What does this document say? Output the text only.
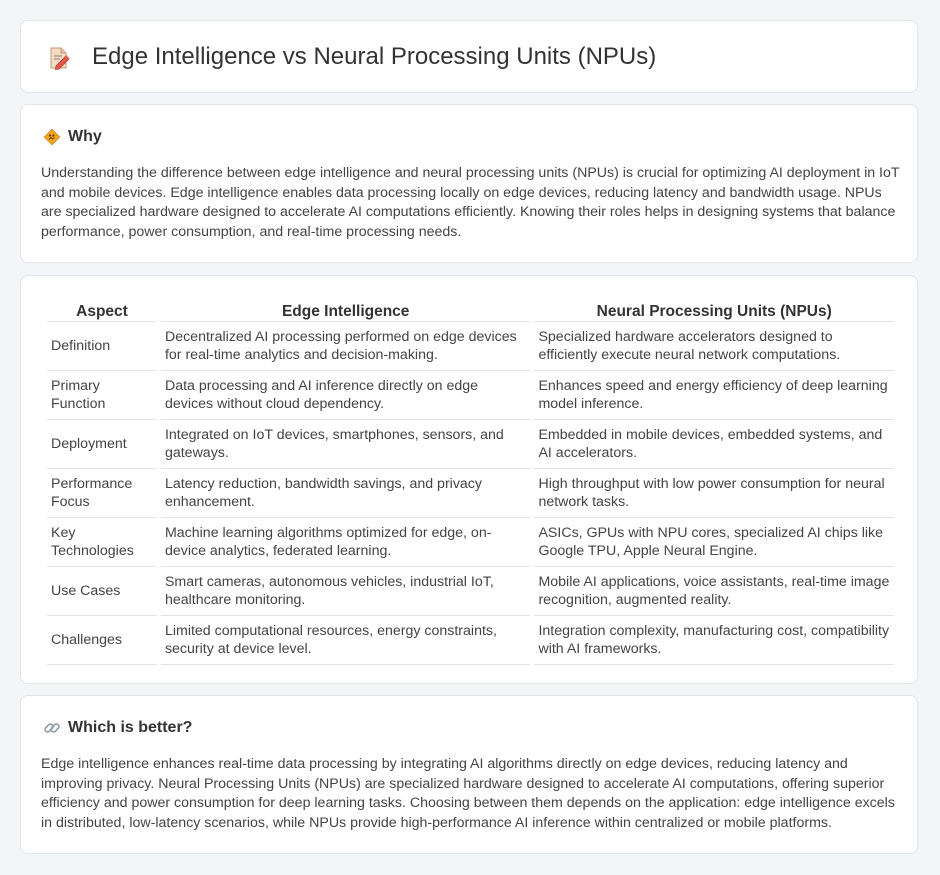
Edge Intelligence vs Neural Processing Units (NPUs)
Why

Understanding the difference between edge intelligence and neural processing units (NPUs) is crucial for optimizing AI deployment in IoT and mobile devices. Edge intelligence enables data processing locally on edge devices, reducing latency and bandwidth usage. NPUs are specialized hardware designed to accelerate AI computations efficiently. Knowing their roles helps in designing systems that balance performance, power consumption, and real-time processing needs.

Aspect	Edge Intelligence	Neural Processing Units (NPUs)
Definition	Decentralized AI processing performed on edge devices for real-time analytics and decision-making.	Specialized hardware accelerators designed to efficiently execute neural network computations.
Primary Function	Data processing and AI inference directly on edge devices without cloud dependency.	Enhances speed and energy efficiency of deep learning model inference.
Deployment	Integrated on IoT devices, smartphones, sensors, and gateways.	Embedded in mobile devices, embedded systems, and AI accelerators.
Performance Focus	Latency reduction, bandwidth savings, and privacy enhancement.	High throughput with low power consumption for neural network tasks.
Key Technologies	Machine learning algorithms optimized for edge, on-device analytics, federated learning.	ASICs, GPUs with NPU cores, specialized AI chips like Google TPU, Apple Neural Engine.
Use Cases	Smart cameras, autonomous vehicles, industrial IoT, healthcare monitoring.	Mobile AI applications, voice assistants, real-time image recognition, augmented reality.
Challenges	Limited computational resources, energy constraints, security at device level.	Integration complexity, manufacturing cost, compatibility with AI frameworks.
Which is better?

Edge intelligence enhances real-time data processing by integrating AI algorithms directly on edge devices, reducing latency and improving privacy. Neural Processing Units (NPUs) are specialized hardware designed to accelerate AI computations, offering superior efficiency and power consumption for deep learning tasks. Choosing between them depends on the application: edge intelligence excels in distributed, low-latency scenarios, while NPUs provide high-performance AI inference within centralized or mobile platforms.
